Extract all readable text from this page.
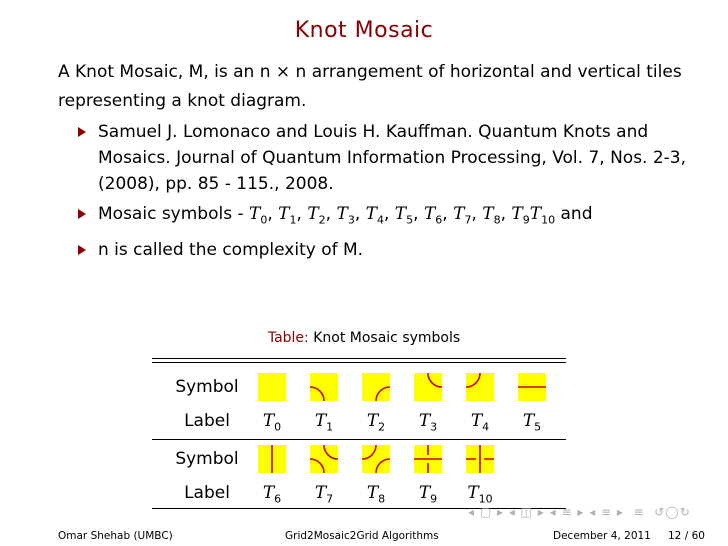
Knot Mosaic
A Knot Mosaic, M, is an n × n arrangement of horizontal and vertical tiles representing a knot diagram.
Samuel J. Lomonaco and Louis H. Kauffman. Quantum Knots and Mosaics. Journal of Quantum Information Processing, Vol. 7, Nos. 2-3, (2008), pp. 85 - 115., 2008.
Mosaic symbols - $T_0$, $T_1$, $T_2$, $T_3$, $T_4$, $T_5$, $T_6$, $T_7$, $T_8$, $T_9T_{10}$ and
n is called the complexity of M.
Table: Knot Mosaic symbols
Symbol
Label	$T_0$	$T_1$	$T_2$	$T_3$	$T_4$	$T_5$
Symbol
Label	$T_6$	$T_7$	$T_8$	$T_9$	$T_{10}$
◂ ▢ ▸ ◂ ◫ ▸ ◂ ≡ ▸ ◂ ≡ ▸  ≡  ↺◯↻
Omar Shehab (UMBC)	Grid2Mosaic2Grid Algorithms	December 4, 2011 12 / 60
